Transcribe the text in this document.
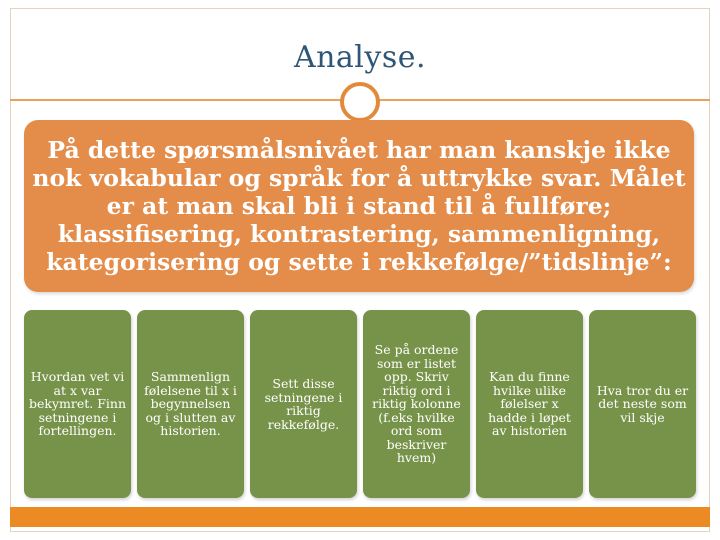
Analyse.
På dette spørsmålsnivået har man kanskje ikke nok vokabular og språk for å uttrykke svar. Målet er at man skal bli i stand til å fullføre; klassifisering, kontrastering, sammenligning, kategorisering og sette i rekkefølge/”tidslinje”:
Hvordan vet vi at x var bekymret. Finn setningene i fortellingen.
Sammenlign følelsene til x i begynnelsen og i slutten av historien.
Sett disse setningene i riktig rekkefølge.
Se på ordene som er listet opp. Skriv riktig ord i riktig kolonne (f.eks hvilke ord som beskriver hvem)
Kan du finne hvilke ulike følelser x hadde i løpet av historien
Hva tror du er det neste som vil skje
